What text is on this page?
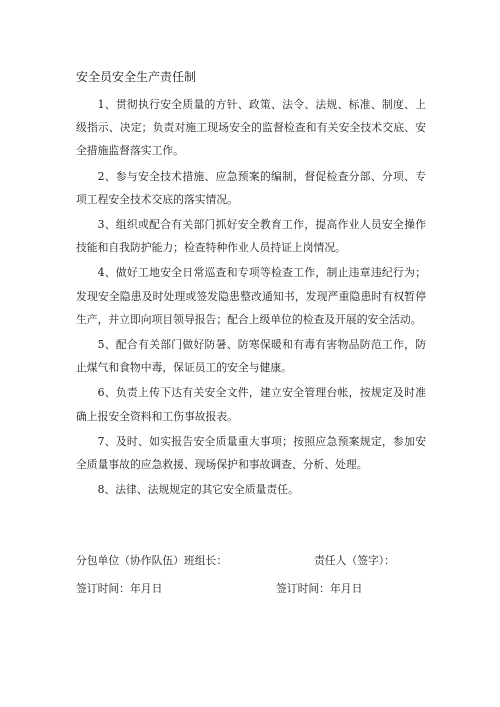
安全员安全生产责任制

1、贯彻执行安全质量的方针、政策、法令、法规、标准、制度、上级指示、决定；负责对施工现场安全的监督检查和有关安全技术交底、安全措施监督落实工作。

2、参与安全技术措施、应急预案的编制，督促检查分部、分项、专项工程安全技术交底的落实情况。

3、组织或配合有关部门抓好安全教育工作，提高作业人员安全操作技能和自我防护能力；检查特种作业人员持证上岗情况。

4、做好工地安全日常巡查和专项等检查工作，制止违章违纪行为；发现安全隐患及时处理或签发隐患整改通知书，发现严重隐患时有权暂停生产，并立即向项目领导报告；配合上级单位的检查及开展的安全活动。

5、配合有关部门做好防暑、防寒保暖和有毒有害物品防范工作，防止煤气和食物中毒，保证员工的安全与健康。

6、负责上传下达有关安全文件，建立安全管理台帐，按规定及时准确上报安全资料和工伤事故报表。

7、及时、如实报告安全质量重大事项；按照应急预案规定，参加安全质量事故的应急救援、现场保护和事故调查、分析、处理。

8、法律、法规规定的其它安全质量责任。

分包单位（协作队伍）班组长：	责任人（签字）：
签订时间：年月日	签订时间：年月日
